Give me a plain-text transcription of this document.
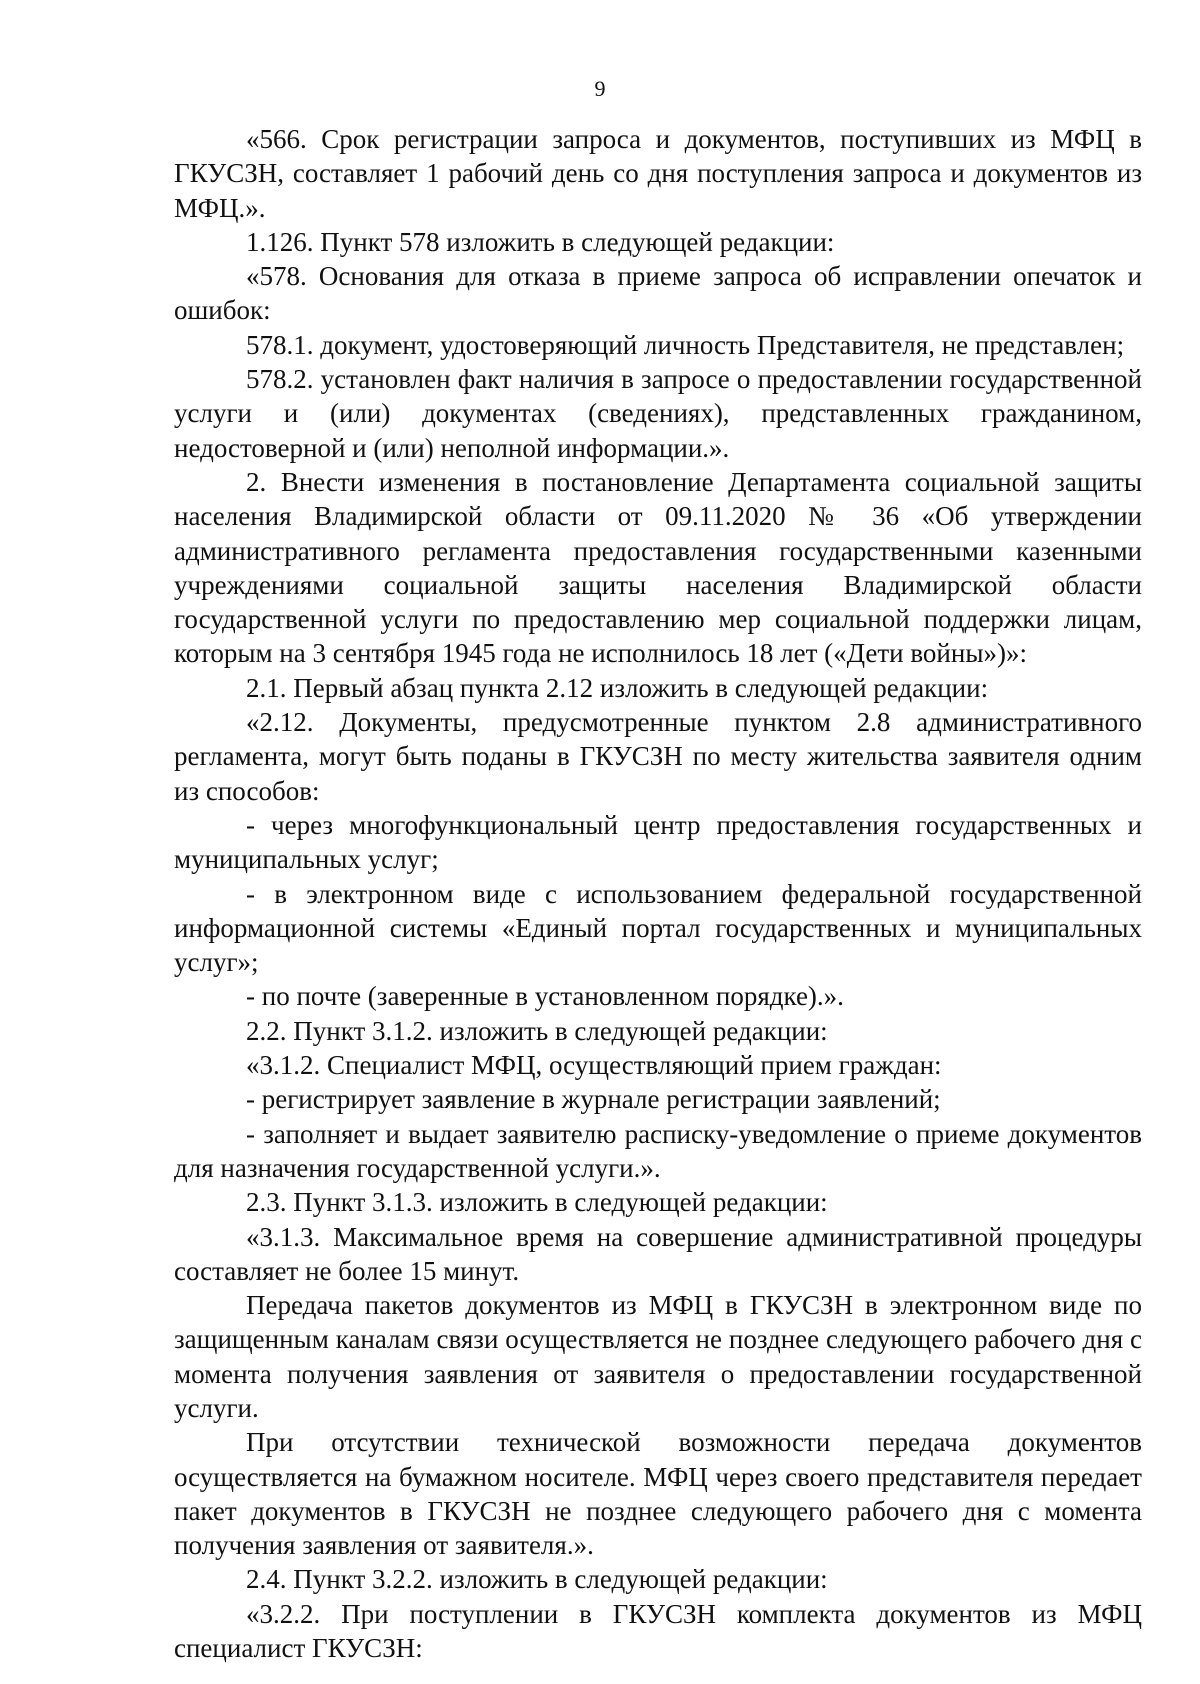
9

«566. Срок регистрации запроса и документов, поступивших из МФЦ в ГКУСЗН, составляет 1 рабочий день со дня поступления запроса и документов из МФЦ.».

1.126. Пункт 578 изложить в следующей редакции:

«578. Основания для отказа в приеме запроса об исправлении опечаток и ошибок:

578.1. документ, удостоверяющий личность Представителя, не представлен;

578.2. установлен факт наличия в запросе о предоставлении государственной услуги и (или) документах (сведениях), представленных гражданином, недостоверной и (или) неполной информации.».

2. Внести изменения в постановление Департамента социальной защиты населения Владимирской области от 09.11.2020 № 36 «Об утверждении административного регламента предоставления государственными казенными учреждениями социальной защиты населения Владимирской области государственной услуги по предоставлению мер социальной поддержки лицам, которым на 3 сентября 1945 года не исполнилось 18 лет («Дети войны»)»:

2.1. Первый абзац пункта 2.12 изложить в следующей редакции:

«2.12. Документы, предусмотренные пунктом 2.8 административного регламента, могут быть поданы в ГКУСЗН по месту жительства заявителя одним из способов:

- через многофункциональный центр предоставления государственных и муниципальных услуг;

- в электронном виде с использованием федеральной государственной информационной системы «Единый портал государственных и муниципальных услуг»;

- по почте (заверенные в установленном порядке).».

2.2. Пункт 3.1.2. изложить в следующей редакции:

«3.1.2. Специалист МФЦ, осуществляющий прием граждан:

- регистрирует заявление в журнале регистрации заявлений;

- заполняет и выдает заявителю расписку-уведомление о приеме документов для назначения государственной услуги.».

2.3. Пункт 3.1.3. изложить в следующей редакции:

«3.1.3. Максимальное время на совершение административной процедуры составляет не более 15 минут.

Передача пакетов документов из МФЦ в ГКУСЗН в электронном виде по защищенным каналам связи осуществляется не позднее следующего рабочего дня с момента получения заявления от заявителя о предоставлении государственной услуги.

При отсутствии технической возможности передача документов осуществляется на бумажном носителе. МФЦ через своего представителя передает пакет документов в ГКУСЗН не позднее следующего рабочего дня с момента получения заявления от заявителя.».

2.4. Пункт 3.2.2. изложить в следующей редакции:

«3.2.2. При поступлении в ГКУСЗН комплекта документов из МФЦ специалист ГКУСЗН:
